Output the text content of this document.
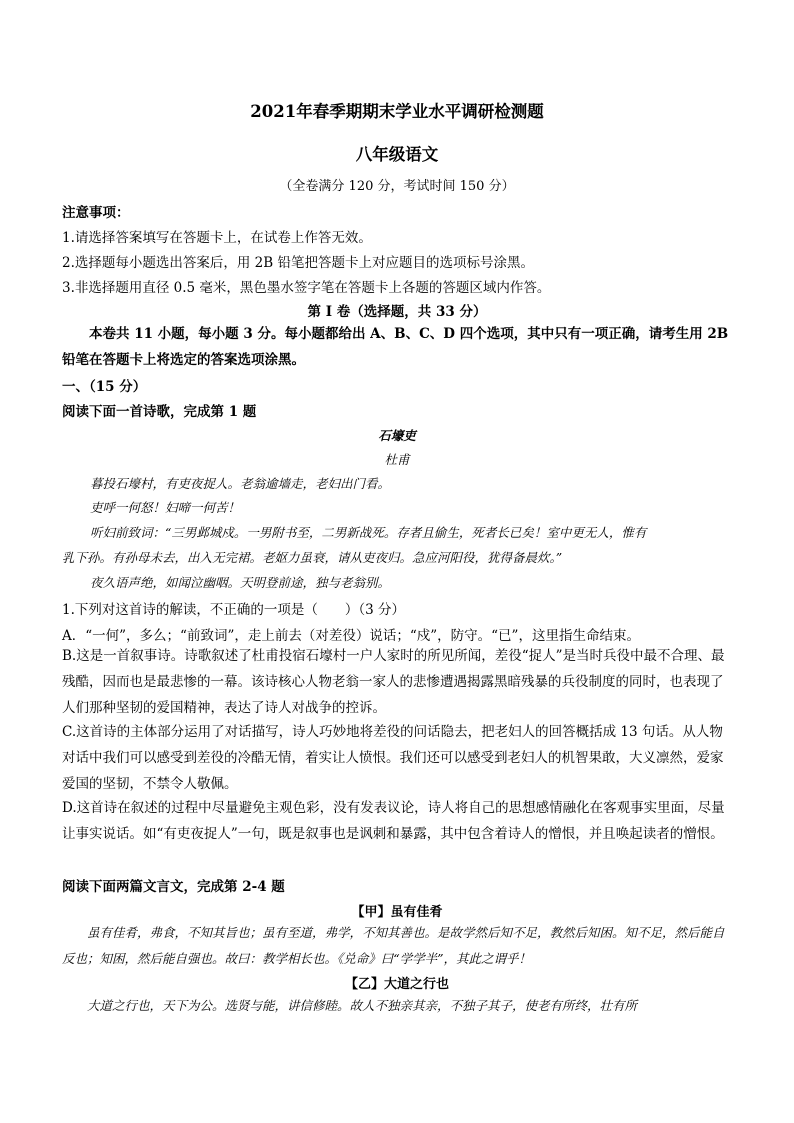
2021年春季期期末学业水平调研检测题
八年级语文
（全卷满分 120 分，考试时间 150 分）
注意事项：
1.请选择答案填写在答题卡上，在试卷上作答无效。
2.选择题每小题选出答案后，用 2B 铅笔把答题卡上对应题目的选项标号涂黑。
3.非选择题用直径 0.5 毫米，黑色墨水签字笔在答题卡上各题的答题区域内作答。
第 I 卷（选择题，共 33 分）
本卷共 11 小题，每小题 3 分。每小题都给出 A、B、C、D 四个选项，其中只有一项正确，请考生用 2B 铅笔在答题卡上将选定的答案选项涂黑。
一、（15 分）
阅读下面一首诗歌，完成第 1 题
石壕吏
杜甫
暮投石壕村，有吏夜捉人。老翁逾墙走，老妇出门看。
吏呼一何怒！妇啼一何苦！
听妇前致词：“三男邺城戍。一男附书至，二男新战死。存者且偷生，死者长已矣！室中更无人，惟有
乳下孙。有孙母未去，出入无完裙。老妪力虽衰，请从吏夜归。急应河阳役，犹得备晨炊。”
夜久语声绝，如闻泣幽咽。天明登前途，独与老翁别。
1.下列对这首诗的解读，不正确的一项是（　　）（3 分）
A．“一何”，多么；“前致词”，走上前去（对差役）说话；“戍”，防守。“已”，这里指生命结束。
B.这是一首叙事诗。诗歌叙述了杜甫投宿石壕村一户人家时的所见所闻，差役“捉人”是当时兵役中最不合理、最残酷，因而也是最悲惨的一幕。该诗核心人物老翁一家人的悲惨遭遇揭露黑暗残暴的兵役制度的同时，也表现了人们那种坚韧的爱国精神，表达了诗人对战争的控诉。
C.这首诗的主体部分运用了对话描写，诗人巧妙地将差役的问话隐去，把老妇人的回答概括成 13 句话。从人物对话中我们可以感受到差役的冷酷无情，着实让人愤恨。我们还可以感受到老妇人的机智果敢，大义凛然，爱家爱国的坚韧，不禁令人敬佩。
D.这首诗在叙述的过程中尽量避免主观色彩，没有发表议论，诗人将自己的思想感情融化在客观事实里面，尽量让事实说话。如“有吏夜捉人”一句，既是叙事也是讽刺和暴露，其中包含着诗人的憎恨，并且唤起读者的憎恨。
阅读下面两篇文言文，完成第 2-4 题
【甲】虽有佳肴
虽有佳肴，弗食，不知其旨也；虽有至道，弗学，不知其善也。是故学然后知不足，教然后知困。知不足，然后能自反也；知困，然后能自强也。故曰：教学相长也。《兑命》曰“学学半”，其此之谓乎！
【乙】大道之行也
大道之行也，天下为公。选贤与能，讲信修睦。故人不独亲其亲，不独子其子，使老有所终，壮有所
